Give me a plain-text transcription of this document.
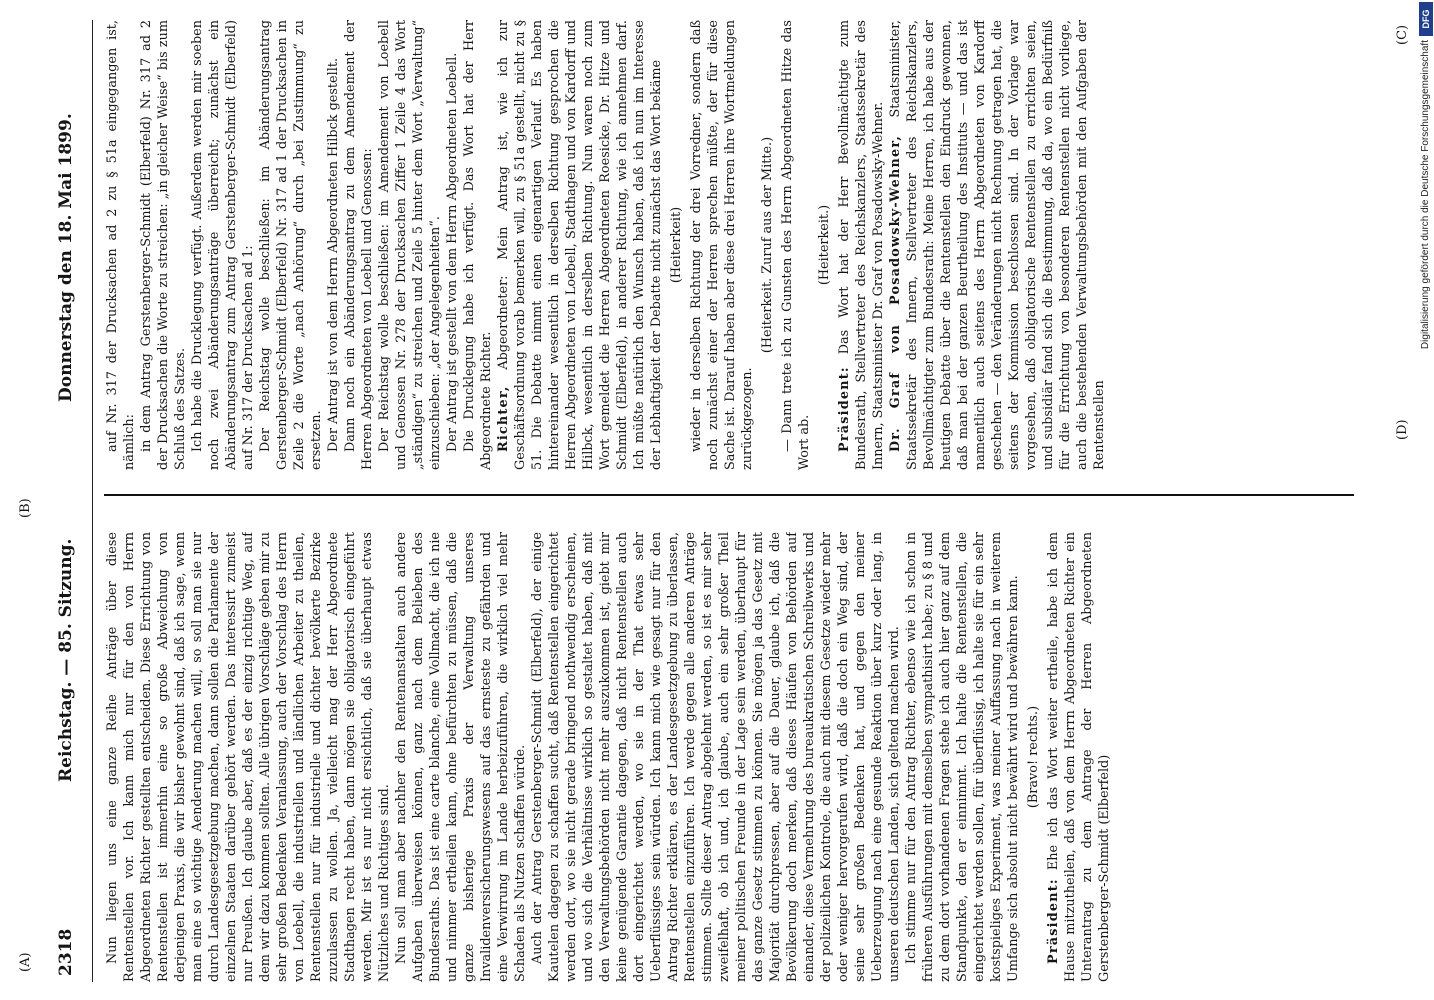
2318
Reichstag. — 85. Sitzung.
Donnerstag den 18. Mai 1899.

Nun liegen uns eine ganze Reihe Anträge über diese Rentenstellen vor. Ich kann mich nur für den von Herrn Abgeordneten Richter gestellten entscheiden. Diese Errichtung von Rentenstellen ist immerhin eine so große Abweichung von derjenigen Praxis, die wir bisher gewohnt sind, daß ich sage, wenn man eine so wichtige Aenderung machen will, so soll man sie nur durch Landesgesetzgebung machen, dann sollen die Parlamente der einzelnen Staaten darüber gehört werden. Das interessirt zumeist nur Preußen. Ich glaube aber, daß es der einzig richtige Weg, auf dem wir dazu kommen sollten. Alle übrigen Vorschläge geben mir zu sehr großen Bedenken Veranlassung, auch der Vorschlag des Herrn von Loebell, die industriellen und ländlichen Arbeiter zu theilen, Rentenstellen nur für industrielle und dichter bevölkerte Bezirke zuzulassen zu wollen. Ja, vielleicht mag der Herr Abgeordnete Stadthagen recht haben, dann mögen sie obligatorisch eingeführt werden. Mir ist es nur nicht ersichtlich, daß sie überhaupt etwas Nützliches und Richtiges sind. Nun soll man aber nachher den Rentenanstalten auch andere Aufgaben überweisen können, ganz nach dem Belieben des Bundesraths. Das ist eine carte blanche, eine Vollmacht, die ich nie und nimmer ertheilen kann, ohne befürchten zu müssen, daß die ganze bisherige Praxis der Verwaltung unseres Invalidenversicherungswesens auf das ernsteste zu gefährden und eine Verwirrung im Lande herbeizuführen, die wirklich viel mehr Schaden als Nutzen schaffen würde. Auch der Antrag Gerstenberger-Schmidt (Elberfeld), der einige Kautelen dagegen zu schaffen sucht, daß Rentenstellen eingerichtet werden dort, wo sie nicht gerade bringend nothwendig erscheinen, und wo sich die Verhältnisse wirklich so gestaltet haben, daß mit den Verwaltungsbehörden nicht mehr auszukommen ist, giebt mir keine genügende Garantie dagegen, daß nicht Rentenstellen auch dort eingerichtet werden, wo sie in der That etwas sehr Ueberflüssiges sein würden. Ich kann mich wie gesagt nur für den Antrag Richter erklären, es der Landesgesetzgebung zu überlassen, Rentenstellen einzuführen. Ich werde gegen alle anderen Anträge stimmen. Sollte dieser Antrag abgelehnt werden, so ist es mir sehr zweifelhaft, ob ich und, ich glaube, auch ein sehr großer Theil meiner politischen Freunde in der Lage sein werden, überhaupt für das ganze Gesetz stimmen zu können. Sie mögen ja das Gesetz mit Majorität durchpressen, aber auf die Dauer, glaube ich, daß die Bevölkerung doch merken, daß dieses Häufen von Behörden auf einander, diese Vermehrung des bureaukratischen Schreibwerks und der polizeilichen Kontrole, die auch mit diesem Gesetze wieder mehr oder weniger hervorgerufen wird, daß die doch ein Weg sind, der seine sehr großen Bedenken hat, und gegen den meiner Ueberzeugung nach eine gesunde Reaktion über kurz oder lang, in unseren deutschen Landen, sich geltend machen wird. Ich stimme nur für den Antrag Richter, ebenso wie ich schon in früheren Ausführungen mit demselben sympathisirt habe; zu § 8 und zu dem dort vorhandenen Fragen stehe ich auch hier ganz auf dem Standpunkte, den er einnimmt. Ich halte die Rentenstellen, die eingerichtet werden sollen, für überflüssig, ich halte sie für ein sehr kostspieliges Experiment, was meiner Auffassung nach in weiterem Umfange sich absolut nicht bewährt wird und bewähren kann. (Bravo! rechts.)

Präsident: Ehe ich das Wort weiter ertheile, habe ich dem Hause mitzutheilen, daß von dem Herrn Abgeordneten Richter ein Unterantrag zu dem Antrage der Herren Abgeordneten Gerstenberger-Schmidt (Elberfeld)

auf Nr. 317 der Drucksachen ad 2 zu § 51a eingegangen ist, nämlich: in dem Antrag Gerstenberger-Schmidt (Elberfeld) Nr. 317 ad 2 der Drucksachen die Worte zu streichen: „in gleicher Weise“ bis zum Schluß des Satzes. Ich habe die Drucklegung verfügt. Außerdem werden mir soeben noch zwei Abänderungsanträge überreicht; zunächst ein Abänderungsantrag zum Antrag Gerstenberger-Schmidt (Elberfeld) auf Nr. 317 der Drucksachen ad 1: Der Reichstag wolle beschließen: im Abänderungsantrag Gerstenberger-Schmidt (Elberfeld) Nr. 317 ad 1 der Drucksachen in Zeile 2 die Worte „nach Anhörung“ durch „bei Zustimmung“ zu ersetzen. Der Antrag ist von dem Herrn Abgeordneten Hilbck gestellt. Dann noch ein Abänderungsantrag zu dem Amendement der Herren Abgeordneten von Loebell und Genossen: Der Reichstag wolle beschließen: im Amendement von Loebell und Genossen Nr. 278 der Drucksachen Ziffer 1 Zeile 4 das Wort „ständigen“ zu streichen und Zeile 5 hinter dem Wort „Verwaltung“ einzuschieben: „der Angelegenheiten“. Der Antrag ist gestellt von dem Herrn Abgeordneten Loebell. Die Drucklegung habe ich verfügt. Das Wort hat der Herr Abgeordnete Richter. Richter, Abgeordneter: Mein Antrag ist, wie ich zur Geschäftsordnung vorab bemerken will, zu § 51a gestellt, nicht zu § 51. Die Debatte nimmt einen eigenartigen Verlauf. Es haben hintereinander wesentlich in derselben Richtung gesprochen die Herren Abgeordneten von Loebell, Stadthagen und von Kardorff und Hilbck, wesentlich in derselben Richtung. Nun waren noch zum Wort gemeldet die Herren Abgeordneten Roesicke, Dr. Hitze und Schmidt (Elberfeld), in anderer Richtung, wie ich annehmen darf. Ich müßte natürlich den Wunsch haben, daß ich nun im Interesse der Lebhaftigkeit der Debatte nicht zunächst das Wort bekäme (Heiterkeit) wieder in derselben Richtung der drei Vorredner, sondern daß noch zunächst einer der Herren sprechen müßte, der für diese Sache ist. Darauf haben aber diese drei Herren ihre Wortmeldungen zurückgezogen.

(Heiterkeit. Zuruf aus der Mitte.) — Dann trete ich zu Gunsten des Herrn Abgeordneten Hitze das Wort ab.

(Heiterkeit.)

Präsident: Das Wort hat der Herr Bevollmächtigte zum Bundesrath, Stellvertreter des Reichskanzlers, Staatssekretär des Innern, Staatsminister Dr. Graf von Posadowsky-Wehner. Dr. Graf von Posadowsky-Wehner, Staatsminister, Staatssekretär des Innern, Stellvertreter des Reichskanzlers, Bevollmächtigter zum Bundesrath: Meine Herren, ich habe aus der heutigen Debatte über die Rentenstellen den Eindruck gewonnen, daß man bei der ganzen Beurtheilung des Instituts — und das ist namentlich auch seitens des Herrn Abgeordneten von Kardorff geschehen — den Veränderungen nicht Rechnung getragen hat, die seitens der Kommission beschlossen sind. In der Vorlage war vorgesehen, daß obligatorische Rentenstellen zu errichten seien, und subsidiär fand sich die Bestimmung, daß da, wo ein Bedürfniß für die Errichtung von besonderen Rentenstellen nicht vorliege, auch die bestehenden Verwaltungsbehörden mit den Aufgaben der Rentenstellen

(A)
(B)
(C)
(D)
Digitalisierung gefördert durch die Deutsche Forschungsgemeinschaft
DFG
